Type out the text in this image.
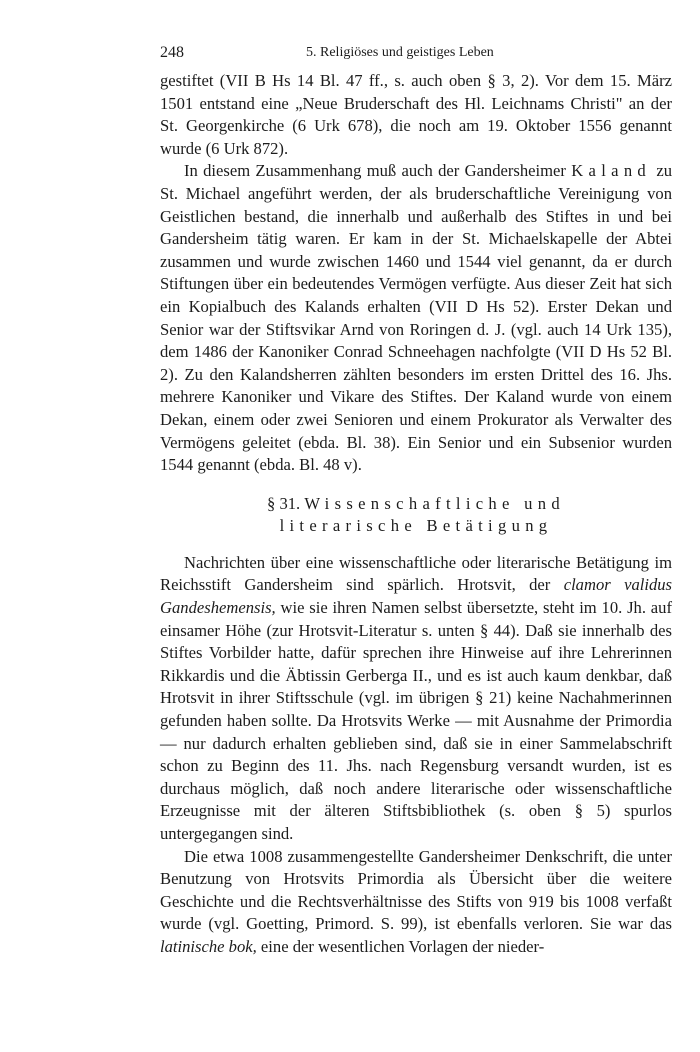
248	5. Religiöses und geistiges Leben

gestiftet (VII B Hs 14 Bl. 47 ff., s. auch oben § 3, 2). Vor dem 15. März 1501 entstand eine „Neue Bruderschaft des Hl. Leichnams Christi" an der St. Georgenkirche (6 Urk 678), die noch am 19. Oktober 1556 genannt wurde (6 Urk 872).

In diesem Zusammenhang muß auch der Gandersheimer Kaland zu St. Michael angeführt werden, der als bruderschaftliche Vereinigung von Geistlichen bestand, die innerhalb und außerhalb des Stiftes in und bei Gandersheim tätig waren. Er kam in der St. Michaelskapelle der Abtei zusammen und wurde zwischen 1460 und 1544 viel genannt, da er durch Stiftungen über ein bedeutendes Vermögen verfügte. Aus dieser Zeit hat sich ein Kopialbuch des Kalands erhalten (VII D Hs 52). Erster Dekan und Senior war der Stiftsvikar Arnd von Roringen d. J. (vgl. auch 14 Urk 135), dem 1486 der Kanoniker Conrad Schneehagen nachfolgte (VII D Hs 52 Bl. 2). Zu den Kalandsherren zählten besonders im ersten Drittel des 16. Jhs. mehrere Kanoniker und Vikare des Stiftes. Der Kaland wurde von einem Dekan, einem oder zwei Senioren und einem Prokurator als Verwalter des Vermögens geleitet (ebda. Bl. 38). Ein Senior und ein Subsenior wurden 1544 genannt (ebda. Bl. 48 v).

§ 31. Wissenschaftliche und
literarische Betätigung

Nachrichten über eine wissenschaftliche oder literarische Betätigung im Reichsstift Gandersheim sind spärlich. Hrotsvit, der clamor validus Gandeshemensis, wie sie ihren Namen selbst übersetzte, steht im 10. Jh. auf einsamer Höhe (zur Hrotsvit-Literatur s. unten § 44). Daß sie innerhalb des Stiftes Vorbilder hatte, dafür sprechen ihre Hinweise auf ihre Lehrerinnen Rikkardis und die Äbtissin Gerberga II., und es ist auch kaum denkbar, daß Hrotsvit in ihrer Stiftsschule (vgl. im übrigen § 21) keine Nachahmerinnen gefunden haben sollte. Da Hrotsvits Werke — mit Ausnahme der Primordia — nur dadurch erhalten geblieben sind, daß sie in einer Sammelabschrift schon zu Beginn des 11. Jhs. nach Regensburg versandt wurden, ist es durchaus möglich, daß noch andere literarische oder wissenschaftliche Erzeugnisse mit der älteren Stiftsbibliothek (s. oben § 5) spurlos untergegangen sind.

Die etwa 1008 zusammengestellte Gandersheimer Denkschrift, die unter Benutzung von Hrotsvits Primordia als Übersicht über die weitere Geschichte und die Rechtsverhältnisse des Stifts von 919 bis 1008 verfaßt wurde (vgl. Goetting, Primord. S. 99), ist ebenfalls verloren. Sie war das latinische bok, eine der wesentlichen Vorlagen der nieder-
